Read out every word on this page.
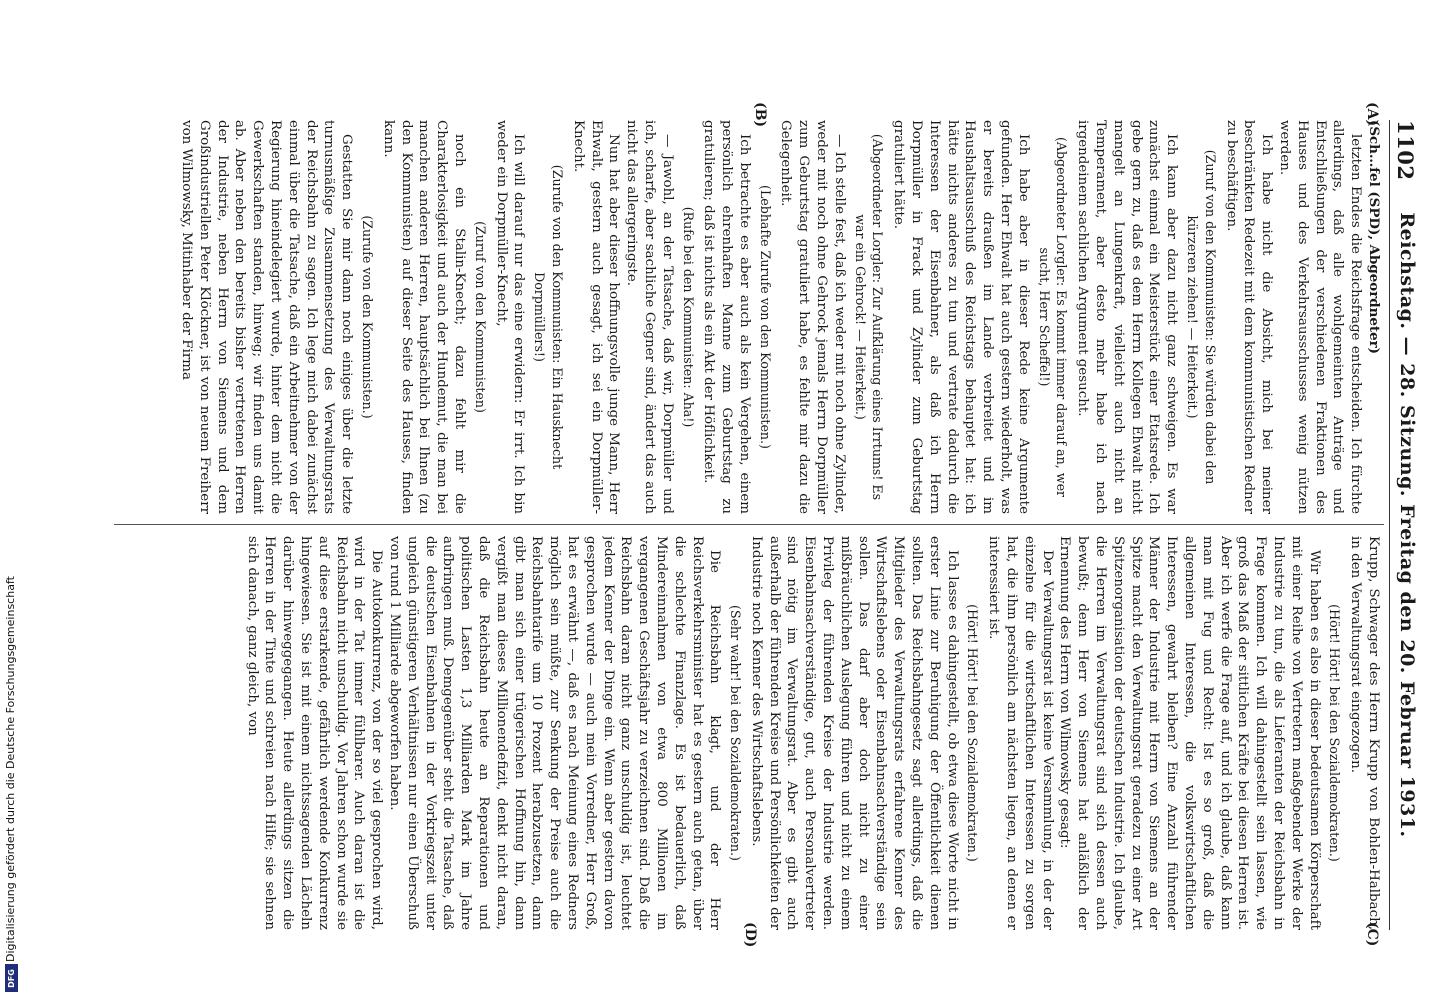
Digitalisierung gefördert durch die Deutsche Forschungsgemeinschaft
DFG
1102
Reichstag. — 28. Sitzung. Freitag den 20. Februar 1931.
(A)
(B)
(C)
(D)

(Sch…fel (SPD), Abgeordneter)

letzten Endes die Reichsfrage entscheiden. Ich fürchte allerdings, daß alle wohlgemeinten Anträge und Entschließungen der verschiedenen Fraktionen des Hauses und des Verkehrsausschusses wenig nützen werden.

Ich habe nicht die Absicht, mich bei meiner beschränkten Redezeit mit dem kommunistischen Redner zu beschäftigen.

(Zuruf von den Kommunisten: Sie würden dabei den kürzeren ziehen! — Heiterkeit.)

Ich kann aber dazu nicht ganz schweigen. Es war zunächst einmal ein Meisterstück einer Etatsrede. Ich gebe gern zu, daß es dem Herrn Kollegen Ehwalt nicht mangelt an Lungenkraft, vielleicht auch nicht an Temperament, aber desto mehr habe ich nach irgendeinem sachlichen Argument gesucht.

(Abgeordneter Lorgler: Es kommt immer darauf an, wer sucht, Herr Scheffel!)

Ich habe aber in dieser Rede keine Argumente gefunden. Herr Ehwalt hat auch gestern wiederholt, was er bereits draußen im Lande verbreitet und im Haushaltsausschuß des Reichstags behauptet hat: ich hätte nichts anderes zu tun und vertrate dadurch die Interessen der Eisenbahner, als daß ich Herrn Dorpmüller in Frack und Zylinder zum Geburtstag gratuliert hätte.

(Abgeordneter Lorgler: Zur Aufklärung eines Irrtums! Es war ein Gehrock! — Heiterkeit.)

— Ich stelle fest, daß ich weder mit noch ohne Zylinder, weder mit noch ohne Gehrock jemals Herrn Dorpmüller zum Geburtstag gratuliert habe, es fehlte mir dazu die Gelegenheit.

(Lebhafte Zurufe von den Kommunisten.)

Ich betrachte es aber auch als kein Vergehen, einem persönlich ehrenhaften Manne zum Geburtstag zu gratulieren; daß ist nichts als ein Akt der Höflichkeit.

(Rufe bei den Kommunisten: Aha!)

— Jawohl, an der Tatsache, daß wir, Dorpmüller und ich, scharfe, aber sachliche Gegner sind, ändert das auch nicht das allergeringste.

Nun hat aber dieser hoffnungsvolle junge Mann, Herr Ehwalt, gestern auch gesagt, ich sei ein Dorpmüller-Knecht.

(Zurufe von den Kommunisten: Ein Hausknecht Dorpmüllers!)

Ich will darauf nur das eine erwidern: Er irrt. Ich bin weder ein Dorpmüller-Knecht,

(Zuruf von den Kommunisten)

noch ein Stalin-Knecht; dazu fehlt mir die Charakterlosigkeit und auch der Hundemut, die man bei manchen anderen Herren, hauptsächlich bei Ihnen (zu den Kommunisten) auf dieser Seite des Hauses, finden kann.

(Zurufe von den Kommunisten.)

Gestatten Sie mir dann noch einiges über die letzte turnusmäßige Zusammensetzung des Verwaltungsrats der Reichsbahn zu sagen. Ich lege mich dabei zunächst einmal über die Tatsache, daß ein Arbeitnehmer von der Regierung hineindelegiert wurde, hinter dem nicht die Gewerkschaften standen, hinweg; wir finden uns damit ab. Aber neben den bereits bisher vertretenen Herren der Industrie, neben Herrn von Siemens und dem Großindustriellen Peter Klöckner, ist von neuem Freiherr von Wilmowsky, Mitinhaber der Firma

Krupp, Schwager des Herrn Krupp von Bohlen-Halbach, in den Verwaltungsrat eingezogen.

(Hört! Hört! bei den Sozialdemokraten.)

Wir haben es also in dieser bedeutsamen Körperschaft mit einer Reihe von Vertretern maßgebender Werke der Industrie zu tun, die als Lieferanten der Reichsbahn in Frage kommen. Ich will dahingestellt sein lassen, wie groß das Maß der sittlichen Kräfte bei diesen Herren ist. Aber ich werfe die Frage auf, und ich glaube, daß kann man mit Fug und Recht: Ist es so groß, daß die allgemeinen Interessen, die volkswirtschaftlichen Interessen, gewahrt bleiben? Eine Anzahl führender Männer der Industrie mit Herrn von Siemens an der Spitze macht den Verwaltungsrat geradezu zu einer Art Spitzenorganisation der deutschen Industrie. Ich glaube, die Herren im Verwaltungsrat sind sich dessen auch bewußt; denn Herr von Siemens hat anläßlich der Ernennung des Herrn von Wilmowsky gesagt:

Der Verwaltungsrat ist keine Versammlung, in der der einzelne für die wirtschaftlichen Interessen zu sorgen hat, die ihm persönlich am nächsten liegen, an denen er interessiert ist.

(Hört! Hört! bei den Sozialdemokraten.)

Ich lasse es dahingestellt, ob etwa diese Worte nicht in erster Linie zur Beruhigung der Öffentlichkeit dienen sollten. Das Reichsbahngesetz sagt allerdings, daß die Mitglieder des Verwaltungsrats erfahrene Kenner des Wirtschaftslebens oder Eisenbahnsachverständige sein sollen. Das darf aber doch nicht zu einer mißbräuchlichen Auslegung führen und nicht zu einem Privileg der führenden Kreise der Industrie werden. Eisenbahnsachverständige, gut, auch Personalvertreter sind nötig im Verwaltungsrat. Aber es gibt auch außerhalb der führenden Kreise und Persönlichkeiten der Industrie noch Kenner des Wirtschaftslebens.

(Sehr wahr! bei den Sozialdemokraten.)

Die Reichsbahn klagt, und der Herr Reichsverkehrsminister hat es gestern auch getan, über die schlechte Finanzlage. Es ist bedauerlich, daß Mindereinnahmen von etwa 800 Millionen im vergangenen Geschäftsjahr zu verzeichnen sind. Daß die Reichsbahn daran nicht ganz unschuldig ist, leuchtet jedem Kenner der Dinge ein. Wenn aber gestern davon gesprochen wurde — auch mein Vorredner, Herr Groß, hat es erwähnt —, daß es nach Meinung eines Redners möglich sein müßte, zur Senkung der Preise auch die Reichsbahntarife um 10 Prozent herabzusetzen, dann gibt man sich einer trügerischen Hoffnung hin, dann vergißt man dieses Millionendefizit, denkt nicht daran, daß die Reichsbahn heute an Reparationen und politischen Lasten 1,3 Milliarden Mark im Jahre aufbringen muß. Demgegenüber steht die Tatsache, daß die deutschen Eisenbahnen in der Vorkriegszeit unter ungleich günstigeren Verhältnissen nur einen Überschuß von rund 1 Milliarde abgeworfen haben.

Die Autokonkurrenz, von der so viel gesprochen wird, wird in der Tat immer fühlbarer. Auch daran ist die Reichsbahn nicht unschuldig. Vor Jahren schon wurde sie auf diese erstarkende, gefährlich werdende Konkurrenz hingewiesen. Sie ist mit einem nichtssagenden Lächeln darüber hinweggegangen. Heute allerdings sitzen die Herren in der Tinte und schreien nach Hilfe; sie sehnen sich danach, ganz gleich, von
